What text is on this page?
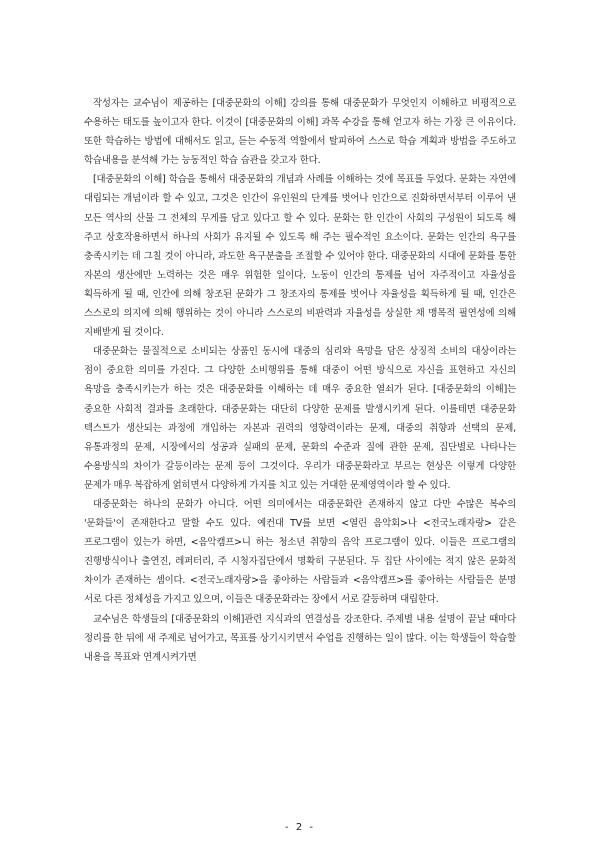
작성자는 교수님이 제공하는 [대중문화의 이해] 강의를 통해 대중문화가 무엇인지 이해하고 비평적으로 수용하는 태도를 높이고자 한다. 이것이 [대중문화의 이해] 과목 수강을 통해 얻고자 하는 가장 큰 이유이다. 또한 학습하는 방법에 대해서도 읽고, 듣는 수동적 역할에서 탈피하여 스스로 학습 계획과 방법을 주도하고 학습내용을 분석해 가는 능동적인 학습 습관을 갖고자 한다.

[대중문화의 이해] 학습을 통해서 대중문화의 개념과 사례를 이해하는 것에 목표를 두었다. 문화는 자연에 대립되는 개념이라 할 수 있고, 그것은 인간이 유인원의 단계를 벗어나 인간으로 진화하면서부터 이루어 낸 모든 역사의 산물 그 전체의 무게를 담고 있다고 할 수 있다. 문화는 한 인간이 사회의 구성원이 되도록 해 주고 상호작용하면서 하나의 사회가 유지될 수 있도록 해 주는 필수적인 요소이다. 문화는 인간의 욕구를 충족시키는 데 그칠 것이 아니라, 과도한 욕구분출을 조절할 수 있어야 한다. 대중문화의 시대에 문화를 통한 자본의 생산에만 노력하는 것은 매우 위험한 일이다. 노동이 인간의 통제를 넘어 자주적이고 자율성을 획득하게 될 때, 인간에 의해 창조된 문화가 그 창조자의 통제를 벗어나 자율성을 획득하게 될 때, 인간은 스스로의 의지에 의해 행위하는 것이 아니라 스스로의 비판력과 자율성을 상실한 채 맹목적 필연성에 의해 지배받게 될 것이다.

대중문화는 물질적으로 소비되는 상품인 동시에 대중의 심리와 욕망을 담은 상징적 소비의 대상이라는 점이 중요한 의미를 가진다. 그 다양한 소비행위를 통해 대중이 어떤 방식으로 자신을 표현하고 자신의 욕망을 충족시키는가 하는 것은 대중문화를 이해하는 데 매우 중요한 열쇠가 된다. [대중문화의 이해]는 중요한 사회적 결과를 초래한다. 대중문화는 대단히 다양한 문제를 발생시키게 된다. 이를테면 대중문화 텍스트가 생산되는 과정에 개입하는 자본과 권력의 영향력이라는 문제, 대중의 취향과 선택의 문제, 유통과정의 문제, 시장에서의 성공과 실패의 문제, 문화의 수준과 질에 관한 문제, 집단별로 나타나는 수용방식의 차이가 갈등이라는 문제 등이 그것이다. 우리가 대중문화라고 부르는 현상은 이렇게 다양한 문제가 매우 복잡하게 얽히면서 다양하게 가지를 치고 있는 거대한 문제영역이라 할 수 있다.

대중문화는 하나의 문화가 아니다. 어떤 의미에서는 대중문화란 존재하지 않고 다만 수많은 복수의 '문화들'이 존재한다고 말할 수도 있다. 예컨대 TV를 보면 <열린 음악회>나 <전국노래자랑> 같은 프로그램이 있는가 하면, <음악캠프>니 하는 청소년 취향의 음악 프로그램이 있다. 이들은 프로그램의 진행방식이나 출연진, 레퍼터리, 주 시청자집단에서 명확히 구분된다. 두 집단 사이에는 적지 않은 문화적 차이가 존재하는 셈이다. <전국노래자랑>을 좋아하는 사람들과 <음악캠프>를 좋아하는 사람들은 분명 서로 다른 정체성을 가지고 있으며, 이들은 대중문화라는 장에서 서로 갈등하며 대립한다.

교수님은 학생들의 [대중문화의 이해]관련 지식과의 연결성을 강조한다. 주제별 내용 설명이 끝날 때마다 정리를 한 뒤에 새 주제로 넘어가고, 목표를 상기시키면서 수업을 진행하는 일이 많다. 이는 학생들이 학습할 내용을 목표와 연계시켜가면

- 2 -
